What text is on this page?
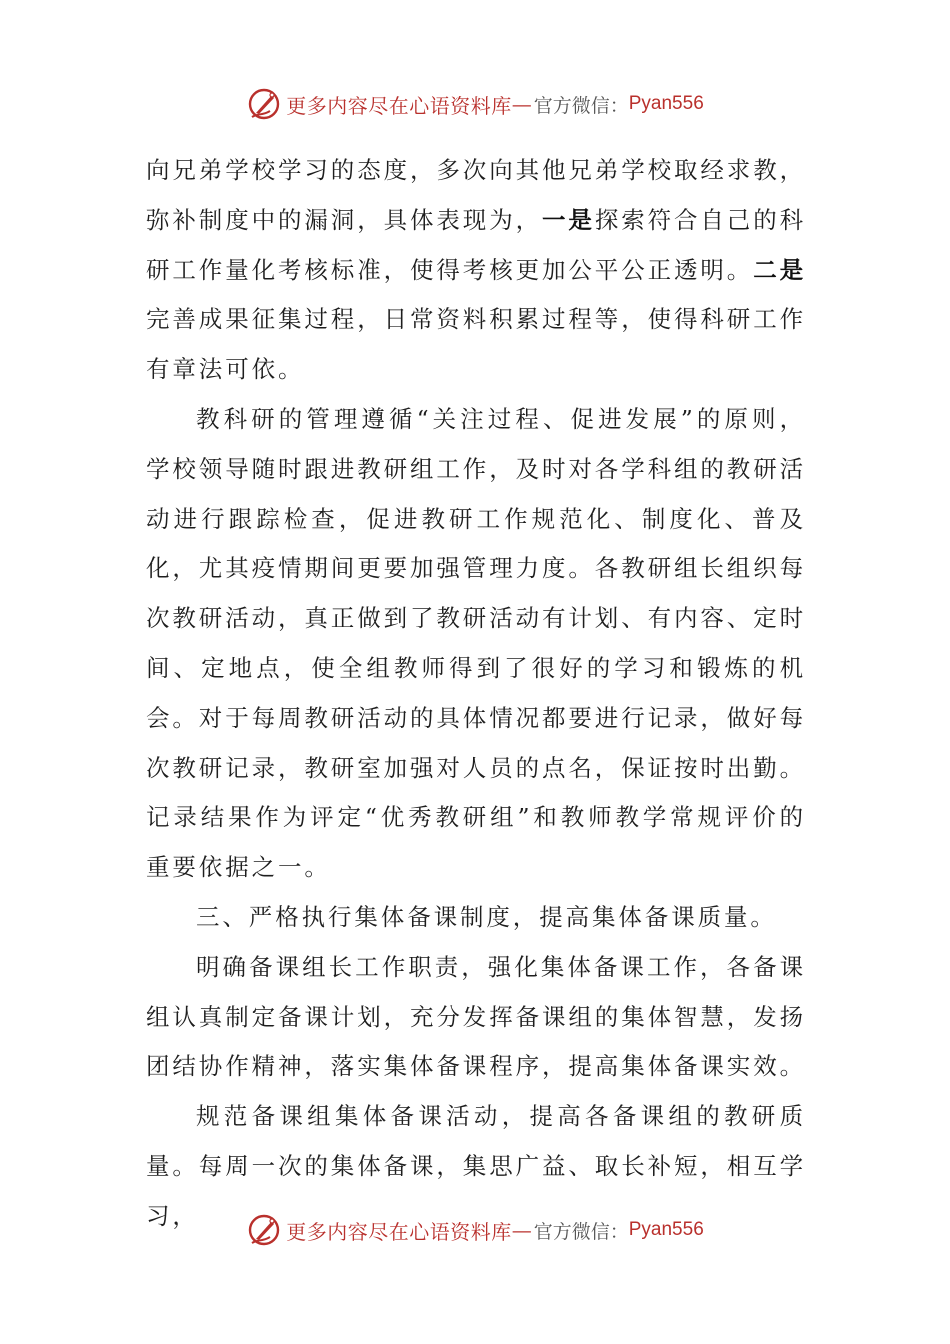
更多内容尽在心语资料库 — 官方微信： Pyan556

向兄弟学校学习的态度，多次向其他兄弟学校取经求教，弥补制度中的漏洞，具体表现为，一是探索符合自己的科研工作量化考核标准，使得考核更加公平公正透明。二是完善成果征集过程，日常资料积累过程等，使得科研工作有章法可依。

教科研的管理遵循“关注过程、促进发展”的原则，学校领导随时跟进教研组工作，及时对各学科组的教研活动进行跟踪检查，促进教研工作规范化、制度化、普及化，尤其疫情期间更要加强管理力度。各教研组长组织每次教研活动，真正做到了教研活动有计划、有内容、定时间、定地点，使全组教师得到了很好的学习和锻炼的机会。对于每周教研活动的具体情况都要进行记录，做好每次教研记录，教研室加强对人员的点名，保证按时出勤。记录结果作为评定“优秀教研组”和教师教学常规评价的重要依据之一。

三、严格执行集体备课制度，提高集体备课质量。

明确备课组长工作职责，强化集体备课工作，各备课组认真制定备课计划，充分发挥备课组的集体智慧，发扬团结协作精神，落实集体备课程序，提高集体备课实效。

规范备课组集体备课活动，提高各备课组的教研质量。每周一次的集体备课，集思广益、取长补短，相互学习，

更多内容尽在心语资料库 — 官方微信： Pyan556
